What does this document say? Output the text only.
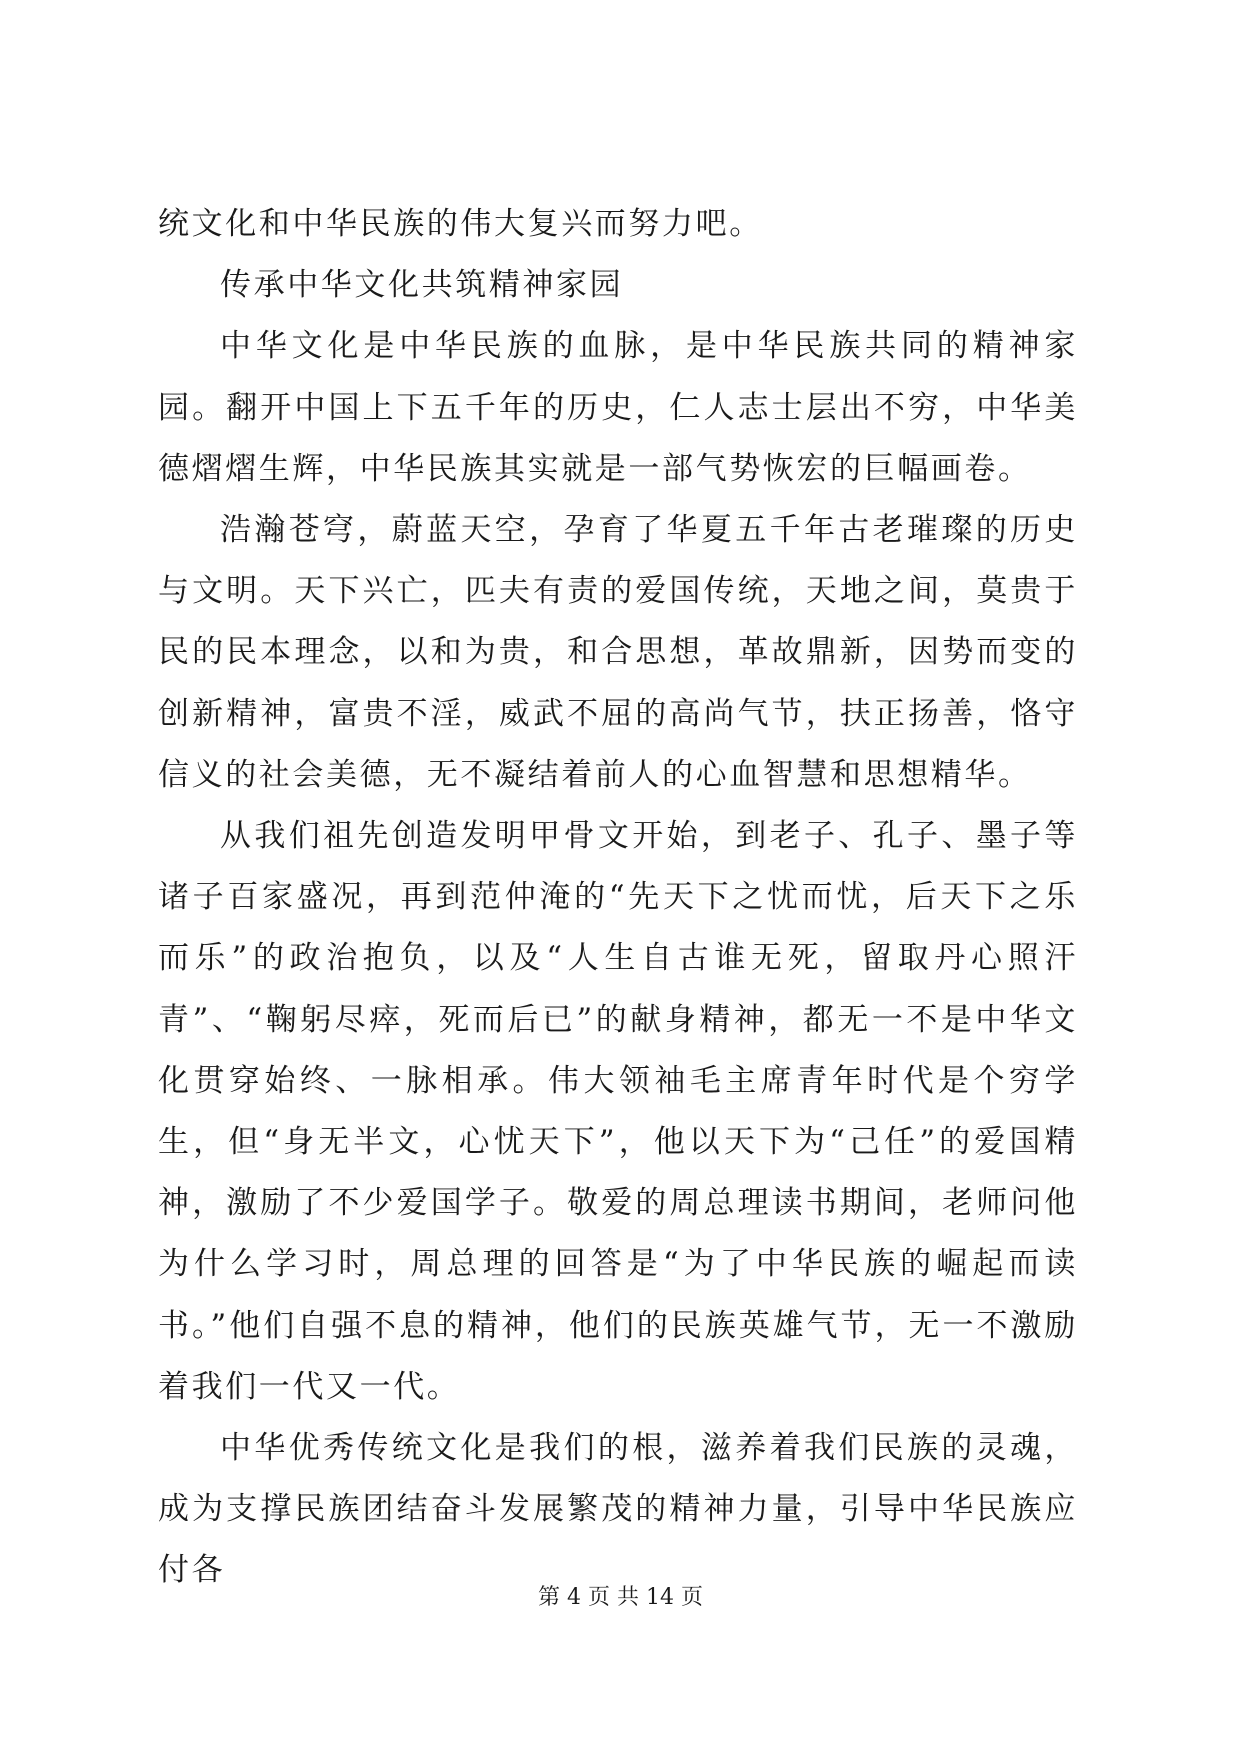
统文化和中华民族的伟大复兴而努力吧。

传承中华文化共筑精神家园

中华文化是中华民族的血脉，是中华民族共同的精神家园。翻开中国上下五千年的历史，仁人志士层出不穷，中华美德熠熠生辉，中华民族其实就是一部气势恢宏的巨幅画卷。

浩瀚苍穹，蔚蓝天空，孕育了华夏五千年古老璀璨的历史与文明。天下兴亡，匹夫有责的爱国传统，天地之间，莫贵于民的民本理念，以和为贵，和合思想，革故鼎新，因势而变的创新精神，富贵不淫，威武不屈的高尚气节，扶正扬善，恪守信义的社会美德，无不凝结着前人的心血智慧和思想精华。

从我们祖先创造发明甲骨文开始，到老子、孔子、墨子等诸子百家盛况，再到范仲淹的“先天下之忧而忧，后天下之乐而乐”的政治抱负，以及“人生自古谁无死，留取丹心照汗青”、“鞠躬尽瘁，死而后已”的献身精神，都无一不是中华文化贯穿始终、一脉相承。伟大领袖毛主席青年时代是个穷学生，但“身无半文，心忧天下”，他以天下为“己任”的爱国精神，激励了不少爱国学子。敬爱的周总理读书期间，老师问他为什么学习时，周总理的回答是“为了中华民族的崛起而读书。”他们自强不息的精神，他们的民族英雄气节，无一不激励着我们一代又一代。

中华优秀传统文化是我们的根，滋养着我们民族的灵魂，成为支撑民族团结奋斗发展繁茂的精神力量，引导中华民族应付各

第 4 页 共 14 页
